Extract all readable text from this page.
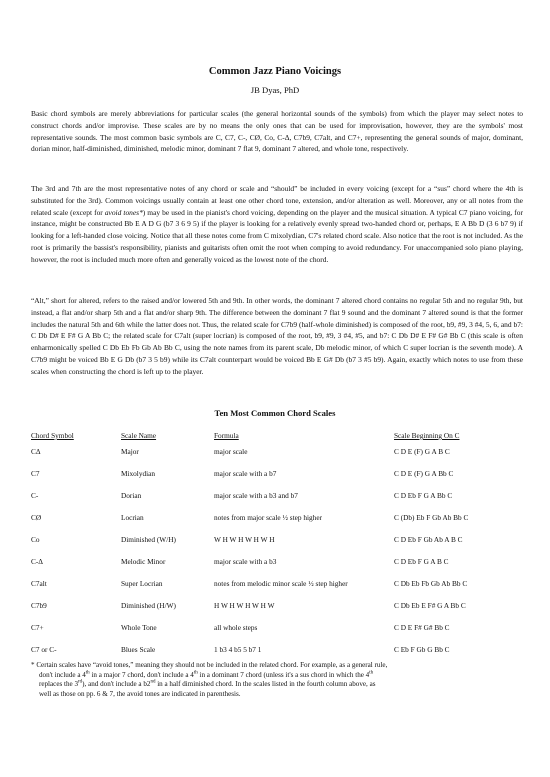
Common Jazz Piano Voicings
JB Dyas, PhD

Basic chord symbols are merely abbreviations for particular scales (the general horizontal sounds of the symbols) from which the player may select notes to construct chords and/or improvise. These scales are by no means the only ones that can be used for improvisation, however, they are the symbols' most representative sounds. The most common basic symbols are C, C7, C-, CØ, Co, C-Δ, C7b9, C7alt, and C7+, representing the general sounds of major, dominant, dorian minor, half-diminished, diminished, melodic minor, dominant 7 flat 9, dominant 7 altered, and whole tone, respectively.

The 3rd and 7th are the most representative notes of any chord or scale and “should” be included in every voicing (except for a “sus” chord where the 4th is substituted for the 3rd). Common voicings usually contain at least one other chord tone, extension, and/or alteration as well. Moreover, any or all notes from the related scale (except for avoid tones*) may be used in the pianist's chord voicing, depending on the player and the musical situation. A typical C7 piano voicing, for instance, might be constructed Bb E A D G (b7 3 6 9 5) if the player is looking for a relatively evenly spread two-handed chord or, perhaps, E A Bb D (3 6 b7 9) if looking for a left-handed close voicing. Notice that all these notes come from C mixolydian, C7's related chord scale. Also notice that the root is not included. As the root is primarily the bassist's responsibility, pianists and guitarists often omit the root when comping to avoid redundancy. For unaccompanied solo piano playing, however, the root is included much more often and generally voiced as the lowest note of the chord.

“Alt,” short for altered, refers to the raised and/or lowered 5th and 9th. In other words, the dominant 7 altered chord contains no regular 5th and no regular 9th, but instead, a flat and/or sharp 5th and a flat and/or sharp 9th. The difference between the dominant 7 flat 9 sound and the dominant 7 altered sound is that the former includes the natural 5th and 6th while the latter does not. Thus, the related scale for C7b9 (half-whole diminished) is composed of the root, b9, #9, 3 #4, 5, 6, and b7: C Db D# E F# G A Bb C; the related scale for C7alt (super locrian) is composed of the root, b9, #9, 3 #4, #5, and b7: C Db D# E F# G# Bb C (this scale is often enharmonically spelled C Db Eb Fb Gb Ab Bb C, using the note names from its parent scale, Db melodic minor, of which C super locrian is the seventh mode). A C7b9 might be voiced Bb E G Db (b7 3 5 b9) while its C7alt counterpart would be voiced Bb E G# Db (b7 3 #5 b9). Again, exactly which notes to use from these scales when constructing the chord is left up to the player.

Ten Most Common Chord Scales
Chord Symbol	Scale Name	Formula	Scale Beginning On C
CΔ	Major	major scale	C D E (F) G A B C
C7	Mixolydian	major scale with a b7	C D E (F) G A Bb C
C-	Dorian	major scale with a b3 and b7	C D Eb F G A Bb C
CØ	Locrian	notes from major scale ½ step higher	C (Db) Eb F Gb Ab Bb C
Co	Diminished (W/H)	W H W H W H W H	C D Eb F Gb Ab A B C
C-Δ	Melodic Minor	major scale with a b3	C D Eb F G A B C
C7alt	Super Locrian	notes from melodic minor scale ½ step higher	C Db Eb Fb Gb Ab Bb C
C7b9	Diminished (H/W)	H W H W H W H W	C Db Eb E F# G A Bb C
C7+	Whole Tone	all whole steps	C D E F# G# Bb C
C7 or C-	Blues Scale	1 b3 4 b5 5 b7 1	C Eb F Gb G Bb C
* Certain scales have “avoid tones,” meaning they should not be included in the related chord. For example, as a general rule,
don't include a 4th in a major 7 chord, don't include a 4th in a dominant 7 chord (unless it's a sus chord in which the 4th
replaces the 3rd), and don't include a b2nd in a half diminished chord. In the scales listed in the fourth column above, as
well as those on pp. 6 & 7, the avoid tones are indicated in parenthesis.
